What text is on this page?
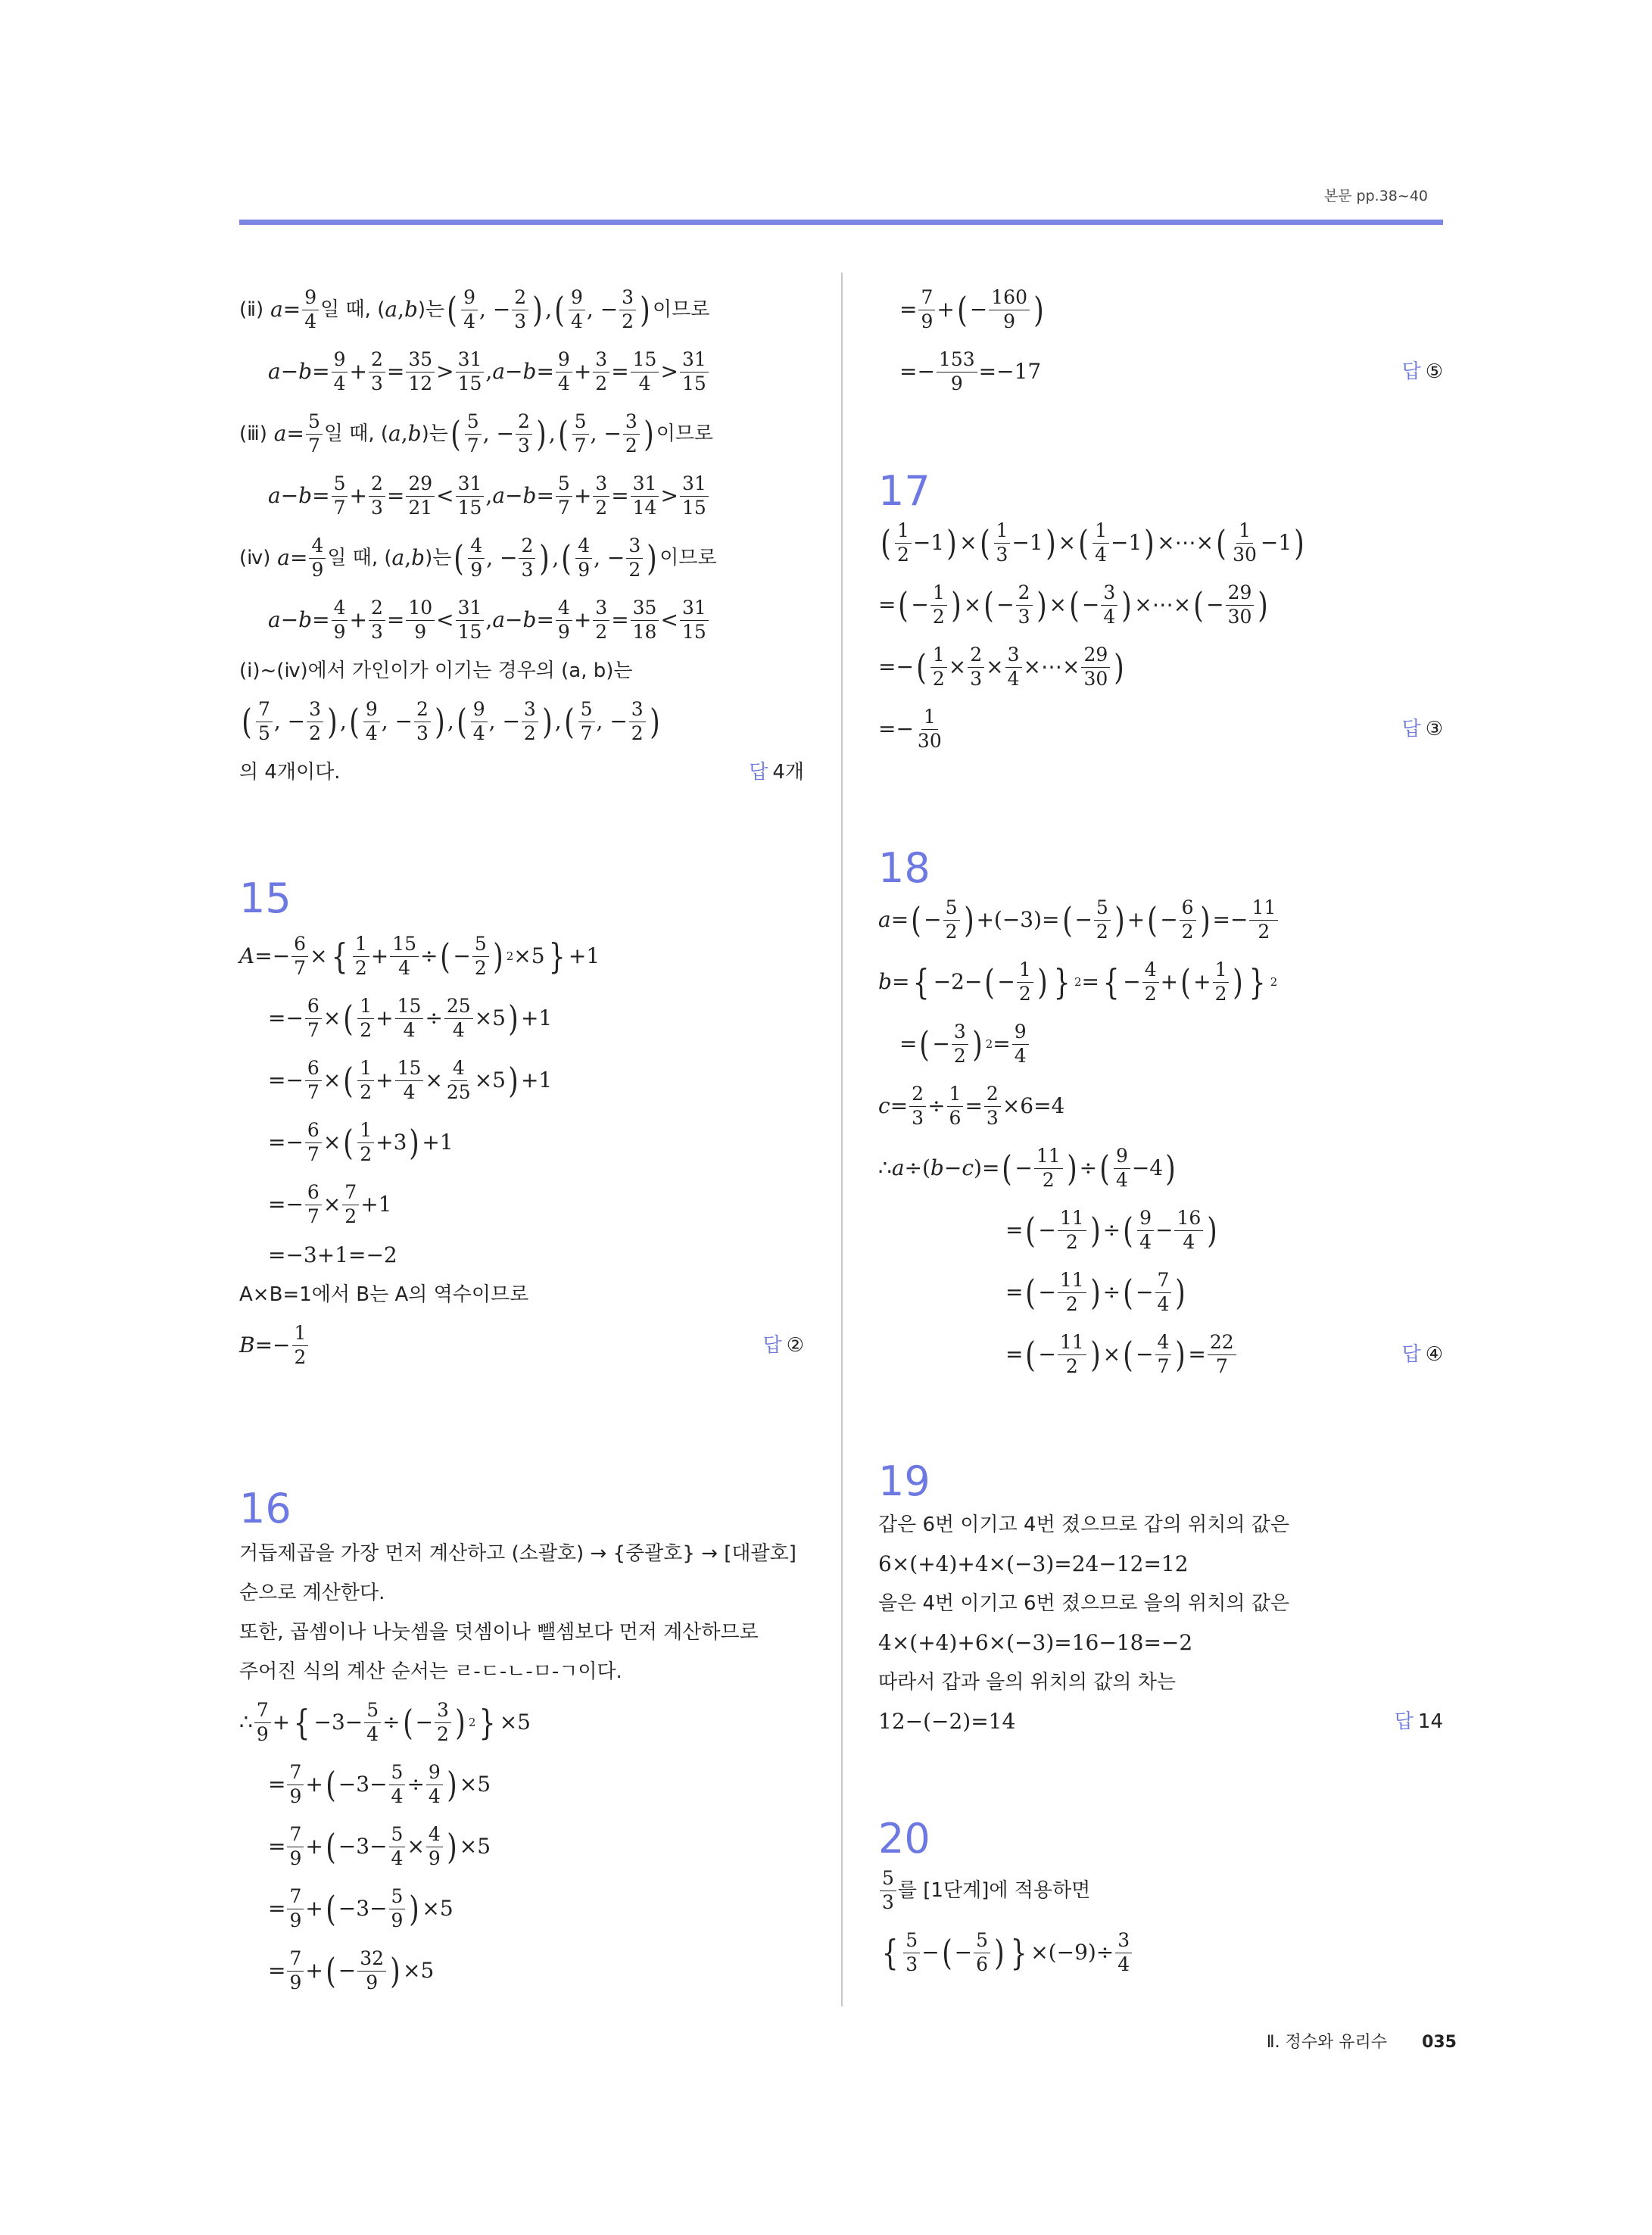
본문 pp.38~40
(ⅱ)
$a = \frac{9}{4}$ 일 때, ( a , b )는 ( $\frac{9}{4}$ , − $\frac{2}{3}$ ) , ( $\frac{9}{4}$ , − $\frac{3}{2}$ ) 이므로
$a - b = \frac{9}{4} + \frac{2}{3} = \frac{35}{12} > \frac{31}{15}$ , $a - b = \frac{9}{4} + \frac{3}{2} = \frac{15}{4} > \frac{31}{15}$
(ⅲ)
$a = \frac{5}{7}$ 일 때, ( a , b )는 ( $\frac{5}{7}$ , − $\frac{2}{3}$ ) , ( $\frac{5}{7}$ , − $\frac{3}{2}$ ) 이므로
$a - b = \frac{5}{7} + \frac{2}{3} = \frac{29}{21} < \frac{31}{15}$ , $a - b = \frac{5}{7} + \frac{3}{2} = \frac{31}{14} > \frac{31}{15}$
(ⅳ)
$a = \frac{4}{9}$ 일 때, ( a , b )는 ( $\frac{4}{9}$ , − $\frac{2}{3}$ ) , ( $\frac{4}{9}$ , − $\frac{3}{2}$ ) 이므로
$a - b = \frac{4}{9} + \frac{2}{3} = \frac{10}{9} < \frac{31}{15}$ , $a - b = \frac{4}{9} + \frac{3}{2} = \frac{35}{18} < \frac{31}{15}$
(ⅰ)~(ⅳ)에서 가인이가 이기는 경우의 (a, b)는
( $\frac{7}{5}$ , − $\frac{3}{2}$ ) , ( $\frac{9}{4}$ , − $\frac{2}{3}$ ) , ( $\frac{9}{4}$ , − $\frac{3}{2}$ ) , ( $\frac{5}{7}$ , − $\frac{3}{2}$ )
의 4개이다.	답 4개
15
$A =- \frac{6}{7}$ × { $\frac{1}{2} + \frac{15}{4}$ ÷ ( − $\frac{5}{2}$ ) 2 ×5 } +1
=− $\frac{6}{7}$ × ( $\frac{1}{2} + \frac{15}{4} \div \frac{25}{4} \times 5$ ) +1
=− $\frac{6}{7}$ × ( $\frac{1}{2} + \frac{15}{4} \times \frac{4}{25} \times 5$ ) +1
=− $\frac{6}{7}$ × ( $\frac{1}{2} +3$ ) +1
=− $\frac{6}{7} \times \frac{7}{2} +1$
=−3+1=−2
A×B=1에서 B는 A의 역수이므로
$B =- \frac{1}{2}$	답 ②
16
거듭제곱을 가장 먼저 계산하고 (소괄호) → {중괄호} → [대괄호]
순으로 계산한다.
또한, 곱셈이나 나눗셈을 덧셈이나 뺄셈보다 먼저 계산하므로
주어진 식의 계산 순서는 ㄹ-ㄷ-ㄴ-ㅁ-ㄱ이다.
∴ $\frac{7}{9}$ + { $-3- \frac{5}{4}$ ÷ ( − $\frac{3}{2}$ ) 2 } ×5
= $\frac{7}{9}$ + ( $-3- \frac{5}{4} \div \frac{9}{4}$ ) ×5
= $\frac{7}{9}$ + ( $-3- \frac{5}{4} \times \frac{4}{9}$ ) ×5
= $\frac{7}{9}$ + ( $-3- \frac{5}{9}$ ) ×5
= $\frac{7}{9}$ + ( − $\frac{32}{9}$ ) ×5
= $\frac{7}{9}$ + ( − $\frac{160}{9}$ )
=− $\frac{153}{9} =-17$	답 ⑤
17
( $\frac{1}{2} -1$ ) × ( $\frac{1}{3} -1$ ) × ( $\frac{1}{4} -1$ ) ×⋯× ( $\frac{1}{30} -1$ )
= ( − $\frac{1}{2}$ ) × ( − $\frac{2}{3}$ ) × ( − $\frac{3}{4}$ ) ×⋯× ( − $\frac{29}{30}$ )
=− ( $\frac{1}{2} \times \frac{2}{3} \times \frac{3}{4}$ ×⋯× $\frac{29}{30}$ )
=− $\frac{1}{30}$	답 ③
18
a = ( − $\frac{5}{2}$ ) +(−3)= ( − $\frac{5}{2}$ ) + ( − $\frac{6}{2}$ ) =− $\frac{11}{2}$
b = { −2− ( − $\frac{1}{2}$ ) } 2 = { − $\frac{4}{2}$ + ( + $\frac{1}{2}$ ) } 2
= ( − $\frac{3}{2}$ ) $2 = \frac{9}{4}$
$c = \frac{2}{3} \div \frac{1}{6} = \frac{2}{3} \times 6=4$
∴ a ÷( b − c )= ( − $\frac{11}{2}$ ) ÷ ( $\frac{9}{4} -4$ )
= ( − $\frac{11}{2}$ ) ÷ ( $\frac{9}{4} - \frac{16}{4}$ )
= ( − $\frac{11}{2}$ ) ÷ ( − $\frac{7}{4}$ )
= ( − $\frac{11}{2}$ ) × ( − $\frac{4}{7}$ ) = $\frac{22}{7}$	답 ④
19
갑은 6번 이기고 4번 졌으므로 갑의 위치의 값은
6×(+4)+4×(−3)=24−12=12
을은 4번 이기고 6번 졌으므로 을의 위치의 값은
4×(+4)+6×(−3)=16−18=−2
따라서 갑과 을의 위치의 값의 차는
12−(−2)=14	답 14
20
$\frac{5}{3}$ 를 [1단계]에 적용하면
{ $\frac{5}{3}$ − ( − $\frac{5}{6}$ ) } $\times(-9)\div \frac{3}{4}$
Ⅱ. 정수와 유리수 035
